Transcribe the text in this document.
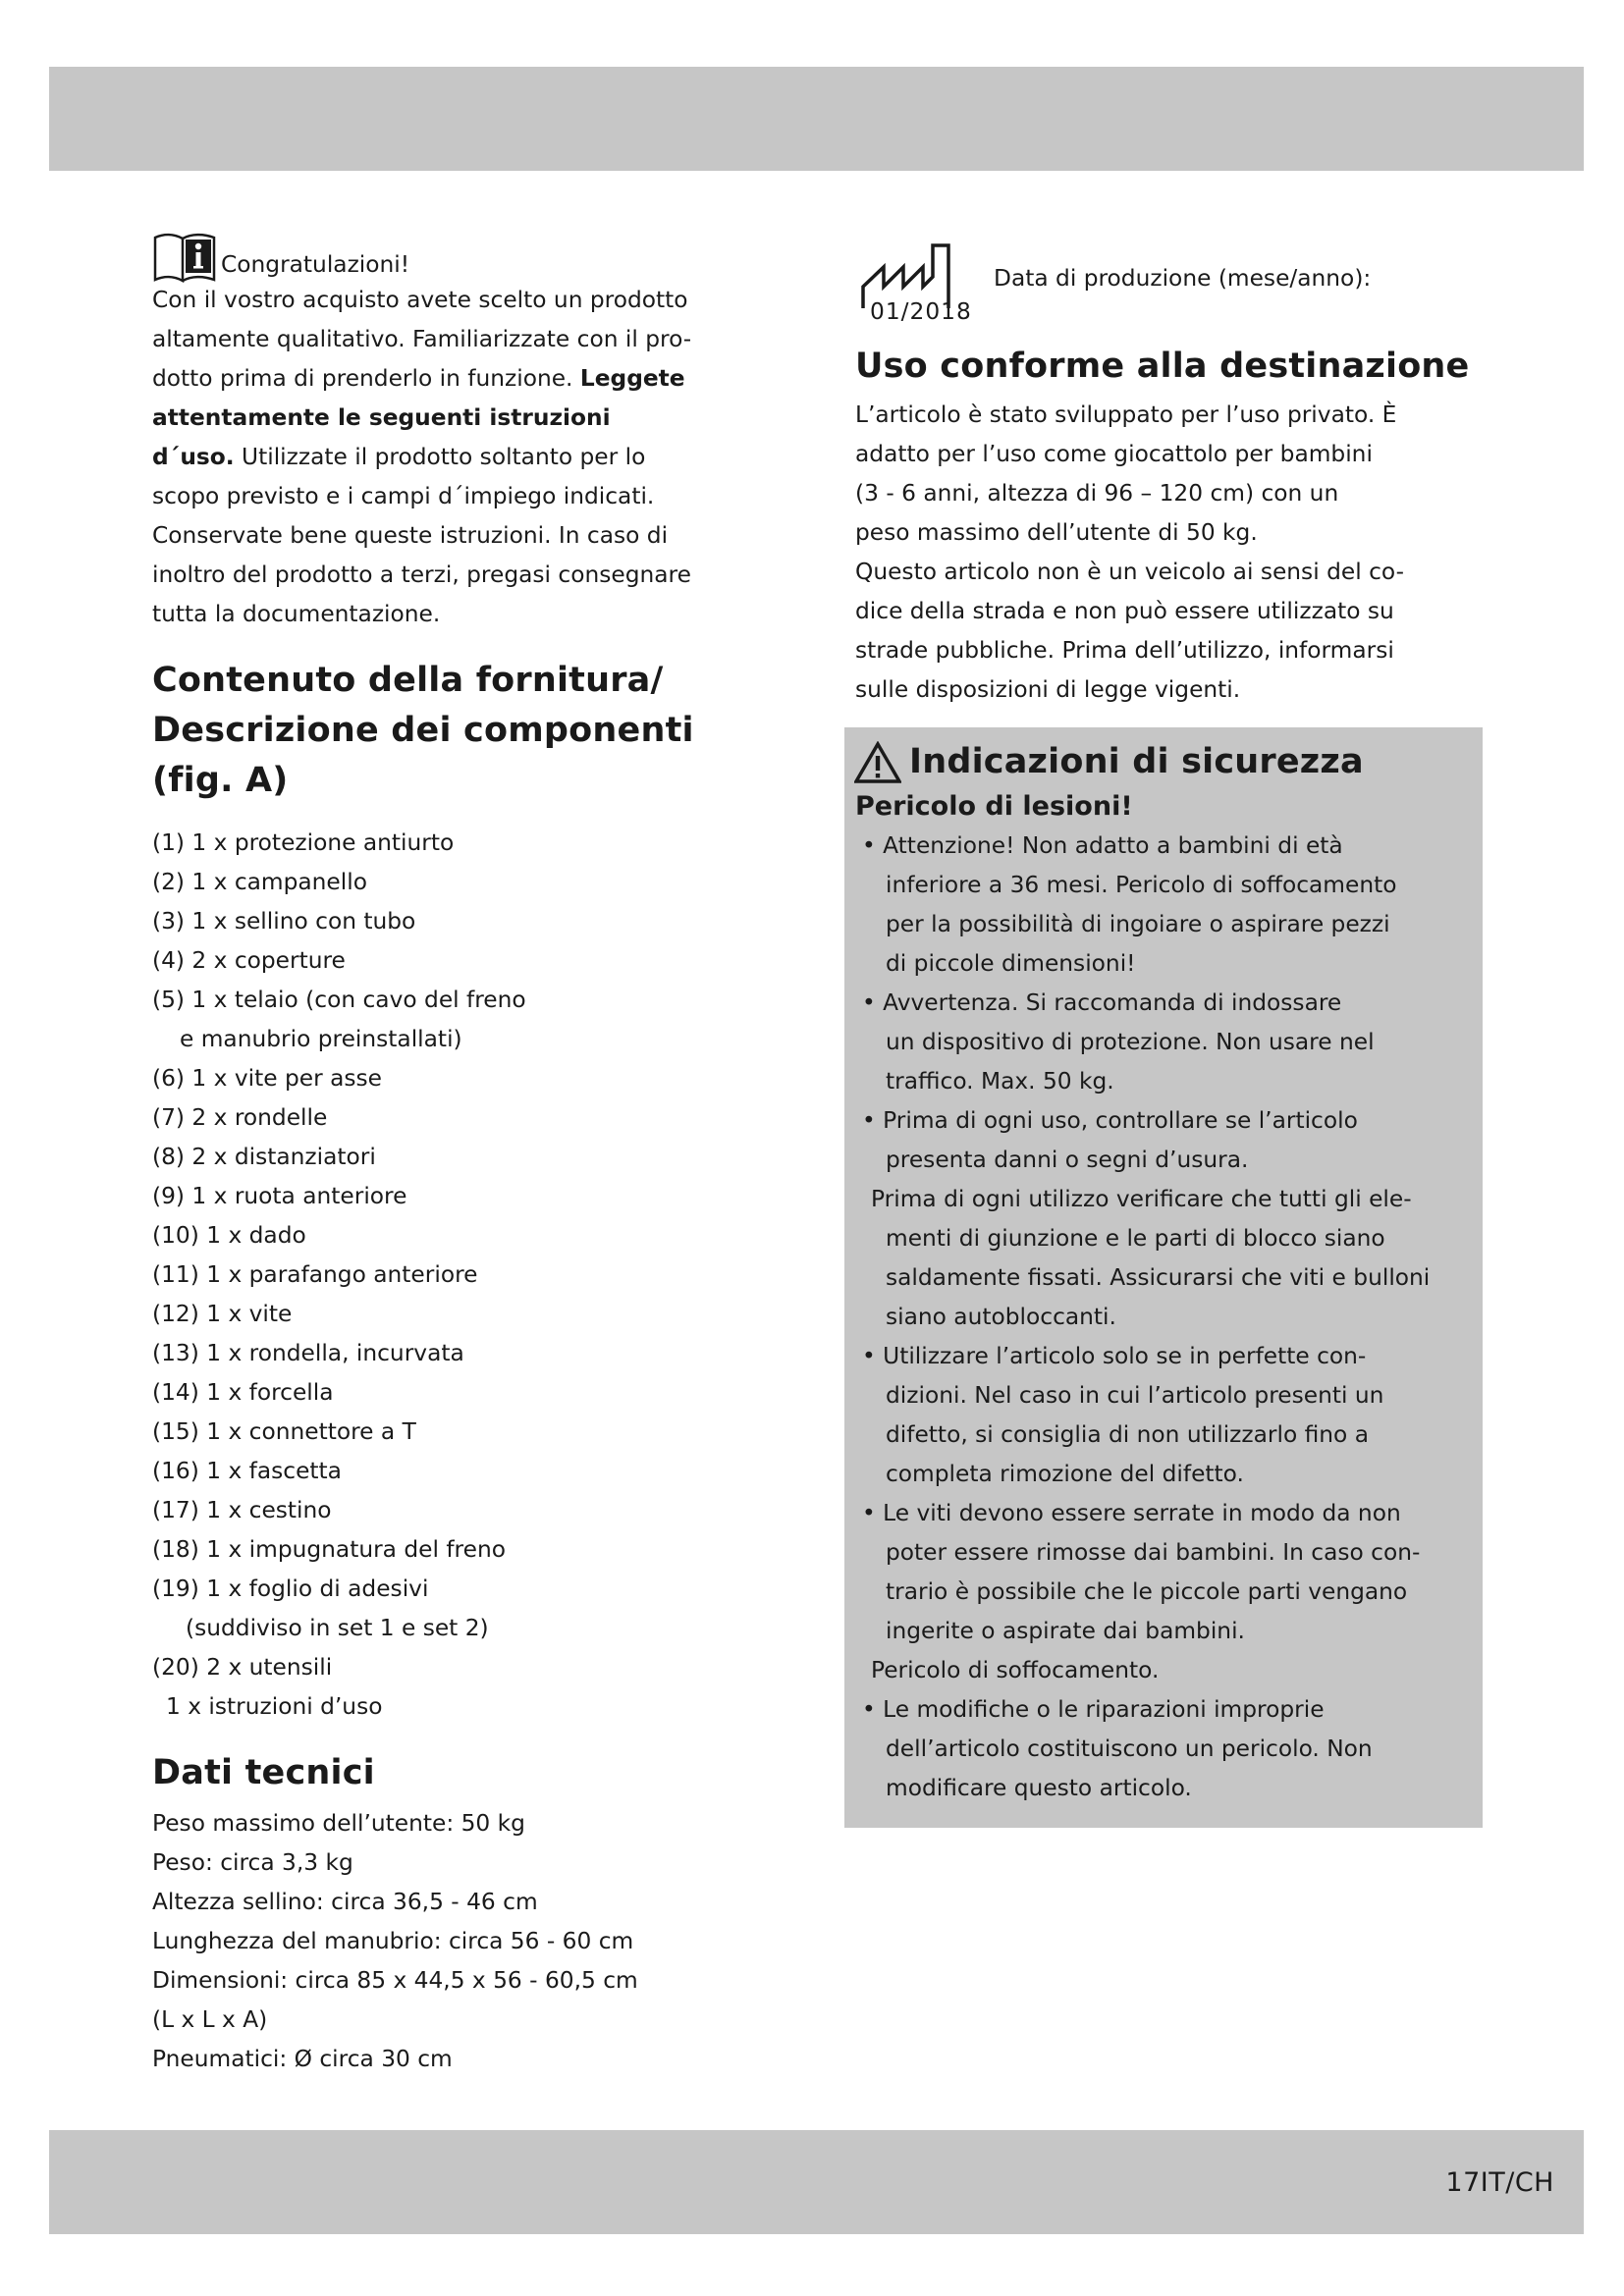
Congratulazioni!

Con il vostro acquisto avete scelto un prodotto
altamente qualitativo. Familiarizzate con il pro-
dotto prima di prenderlo in funzione. Leggete
attentamente le seguenti istruzioni
d´uso. Utilizzate il prodotto soltanto per lo
scopo previsto e i campi d´impiego indicati.
Conservate bene queste istruzioni. In caso di
inoltro del prodotto a terzi, pregasi consegnare
tutta la documentazione.

Contenuto della fornitura/

Descrizione dei componenti

(fig. A)

(1) 1 x protezione antiurto
(2) 1 x campanello
(3) 1 x sellino con tubo
(4) 2 x coperture
(5) 1 x telaio (con cavo del freno
e manubrio preinstallati)
(6) 1 x vite per asse
(7) 2 x rondelle
(8) 2 x distanziatori
(9) 1 x ruota anteriore
(10) 1 x dado
(11) 1 x parafango anteriore
(12) 1 x vite
(13) 1 x rondella, incurvata
(14) 1 x forcella
(15) 1 x connettore a T
(16) 1 x fascetta
(17) 1 x cestino
(18) 1 x impugnatura del freno
(19) 1 x foglio di adesivi
(suddiviso in set 1 e set 2)
(20) 2 x utensili
1 x istruzioni d’uso

Dati tecnici

Peso massimo dell’utente: 50 kg

Peso: circa 3,3 kg

Altezza sellino: circa 36,5 - 46 cm

Lunghezza del manubrio: circa 56 - 60 cm

Dimensioni: circa 85 x 44,5 x 56 - 60,5 cm

(L x L x A)

Pneumatici: Ø circa 30 cm

Data di produzione (mese/anno):
01/2018

Uso conforme alla destinazione

L’articolo è stato sviluppato per l’uso privato. È

adatto per l’uso come giocattolo per bambini

(3 - 6 anni, altezza di 96 – 120 cm) con un

peso massimo dell’utente di 50 kg.

Questo articolo non è un veicolo ai sensi del co-

dice della strada e non può essere utilizzato su

strade pubbliche. Prima dell’utilizzo, informarsi

sulle disposizioni di legge vigenti.

Indicazioni di sicurezza

Pericolo di lesioni!
• Attenzione! Non adatto a bambini di età
inferiore a 36 mesi. Pericolo di soffocamento
per la possibilità di ingoiare o aspirare pezzi
di piccole dimensioni!
• Avvertenza. Si raccomanda di indossare
un dispositivo di protezione. Non usare nel
traffico. Max. 50 kg.
• Prima di ogni uso, controllare se l’articolo
presenta danni o segni d’usura.
Prima di ogni utilizzo verificare che tutti gli ele-
menti di giunzione e le parti di blocco siano
saldamente fissati. Assicurarsi che viti e bulloni
siano autobloccanti.
• Utilizzare l’articolo solo se in perfette con-
dizioni. Nel caso in cui l’articolo presenti un
difetto, si consiglia di non utilizzarlo fino a
completa rimozione del difetto.
• Le viti devono essere serrate in modo da non
poter essere rimosse dai bambini. In caso con-
trario è possibile che le piccole parti vengano
ingerite o aspirate dai bambini.
Pericolo di soffocamento.
• Le modifiche o le riparazioni improprie
dell’articolo costituiscono un pericolo. Non
modificare questo articolo.
17IT/CH
